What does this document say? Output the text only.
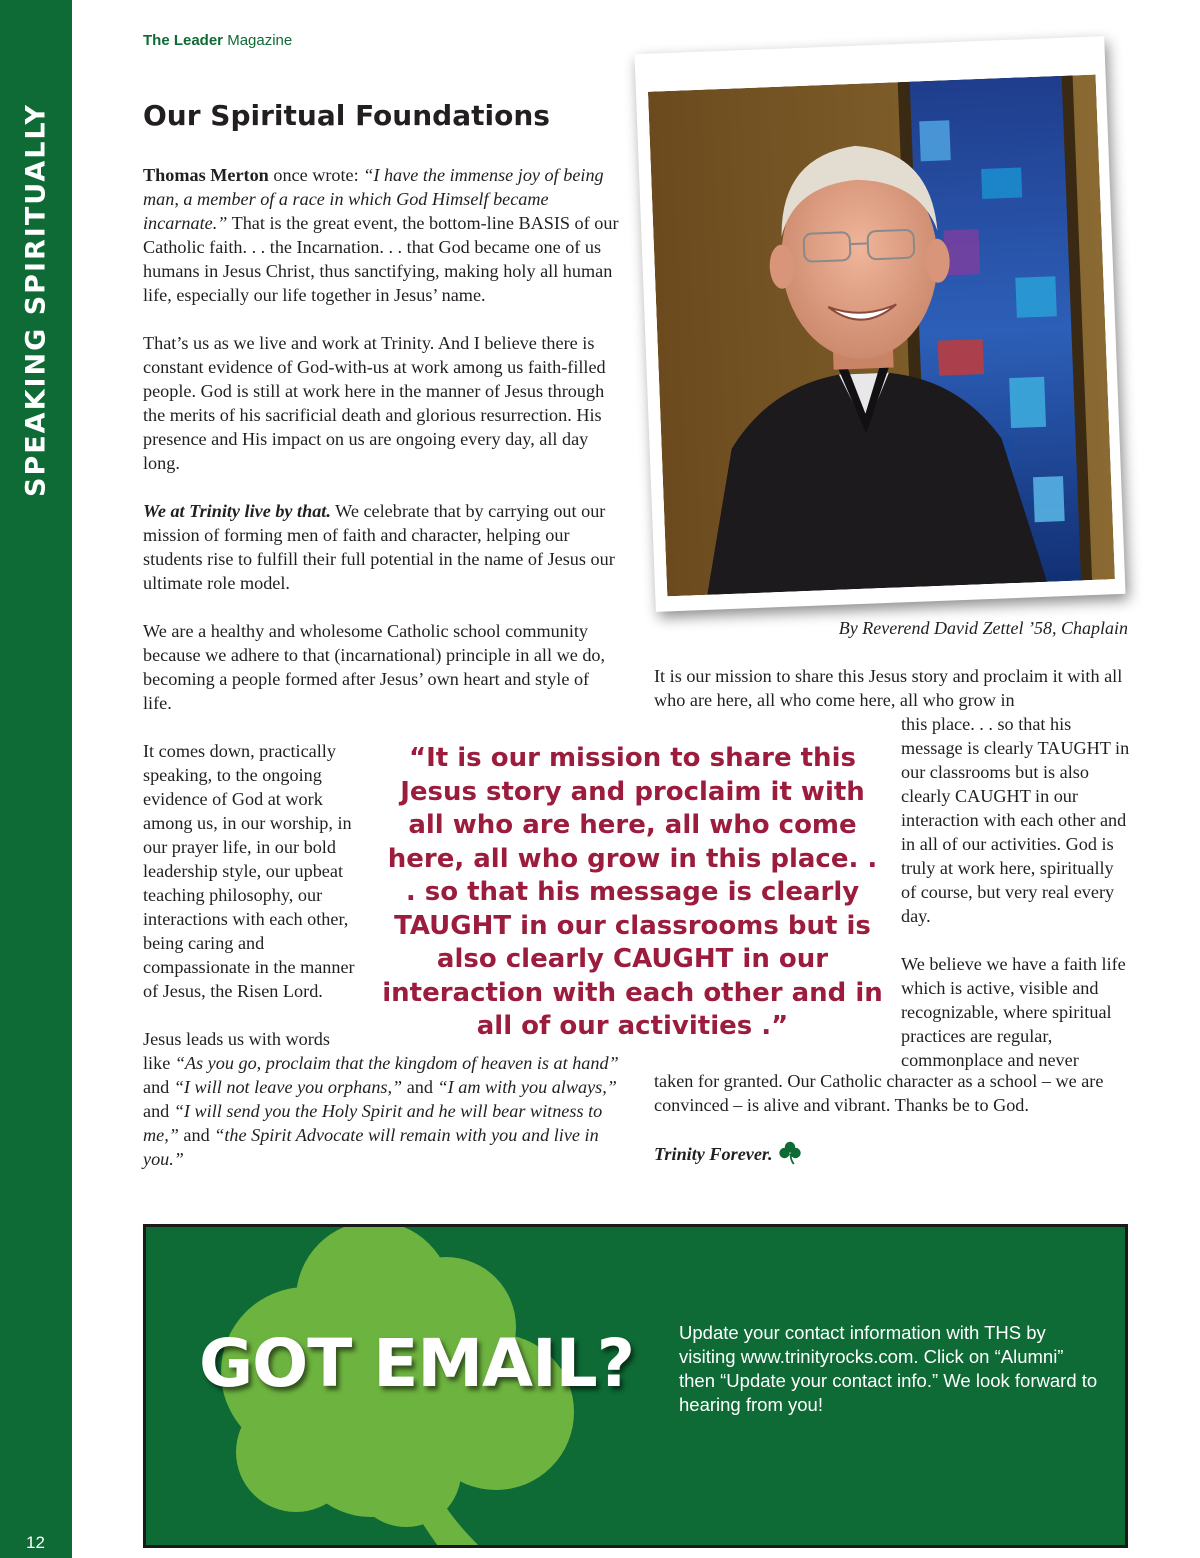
SPEAKING SPIRITUALLY
12
The Leader Magazine
Our Spiritual Foundations

Thomas Merton once wrote: “I have the immense joy of being man, a member of a race in which God Himself became incarnate.” That is the great event, the bottom-line BASIS of our Catholic faith. . . the Incarnation. . . that God became one of us humans in Jesus Christ, thus sanctifying, making holy all human life, especially our life together in Jesus’ name.

That’s us as we live and work at Trinity. And I believe there is constant evidence of God-with-us at work among us faith-filled people. God is still at work here in the manner of Jesus through the merits of his sacrificial death and glorious resurrection. His presence and His impact on us are ongoing every day, all day long.

We at Trinity live by that. We celebrate that by carrying out our mission of forming men of faith and character, helping our students rise to fulfill their full potential in the name of Jesus our ultimate role model.

We are a healthy and wholesome Catholic school community because we adhere to that (incarnational) principle in all we do, becoming a people formed after Jesus’ own heart and style of life.

It comes down, practically speaking, to the ongoing evidence of God at work among us, in our worship, in our prayer life, in our bold leadership style, our upbeat teaching philosophy, our interactions with each other, being caring and compassionate in the manner of Jesus, the Risen Lord.

Jesus leads us with words

like “As you go, proclaim that the kingdom of heaven is at hand” and “I will not leave you orphans,” and “I am with you always,” and “I will send you the Holy Spirit and he will bear witness to me,” and “the Spirit Advocate will remain with you and live in you.”

By Reverend David Zettel ’58, Chaplain
It is our mission to share this Jesus story and proclaim it with all who are here, all who come here, all who grow in

this place. . . so that his message is clearly TAUGHT in our classrooms but is also clearly CAUGHT in our interaction with each other and in all of our activities. God is truly at work here, spiritually of course, but very real every day.

We believe we have a faith life which is active, visible and recognizable, where spiritual practices are regular, commonplace and never

taken for granted. Our Catholic character as a school – we are convinced – is alive and vibrant. Thanks be to God.

Trinity Forever.

“It is our mission to share this Jesus story and proclaim it with all who are here, all who come here, all who grow in this place. . . so that his message is clearly TAUGHT in our classrooms but is also clearly CAUGHT in our interaction with each other and in all of our activities .”
GOT EMAIL? Update your contact information with THS by visiting www.trinityrocks.com. Click on “Alumni” then “Update your contact info.” We look forward to hearing from you!
